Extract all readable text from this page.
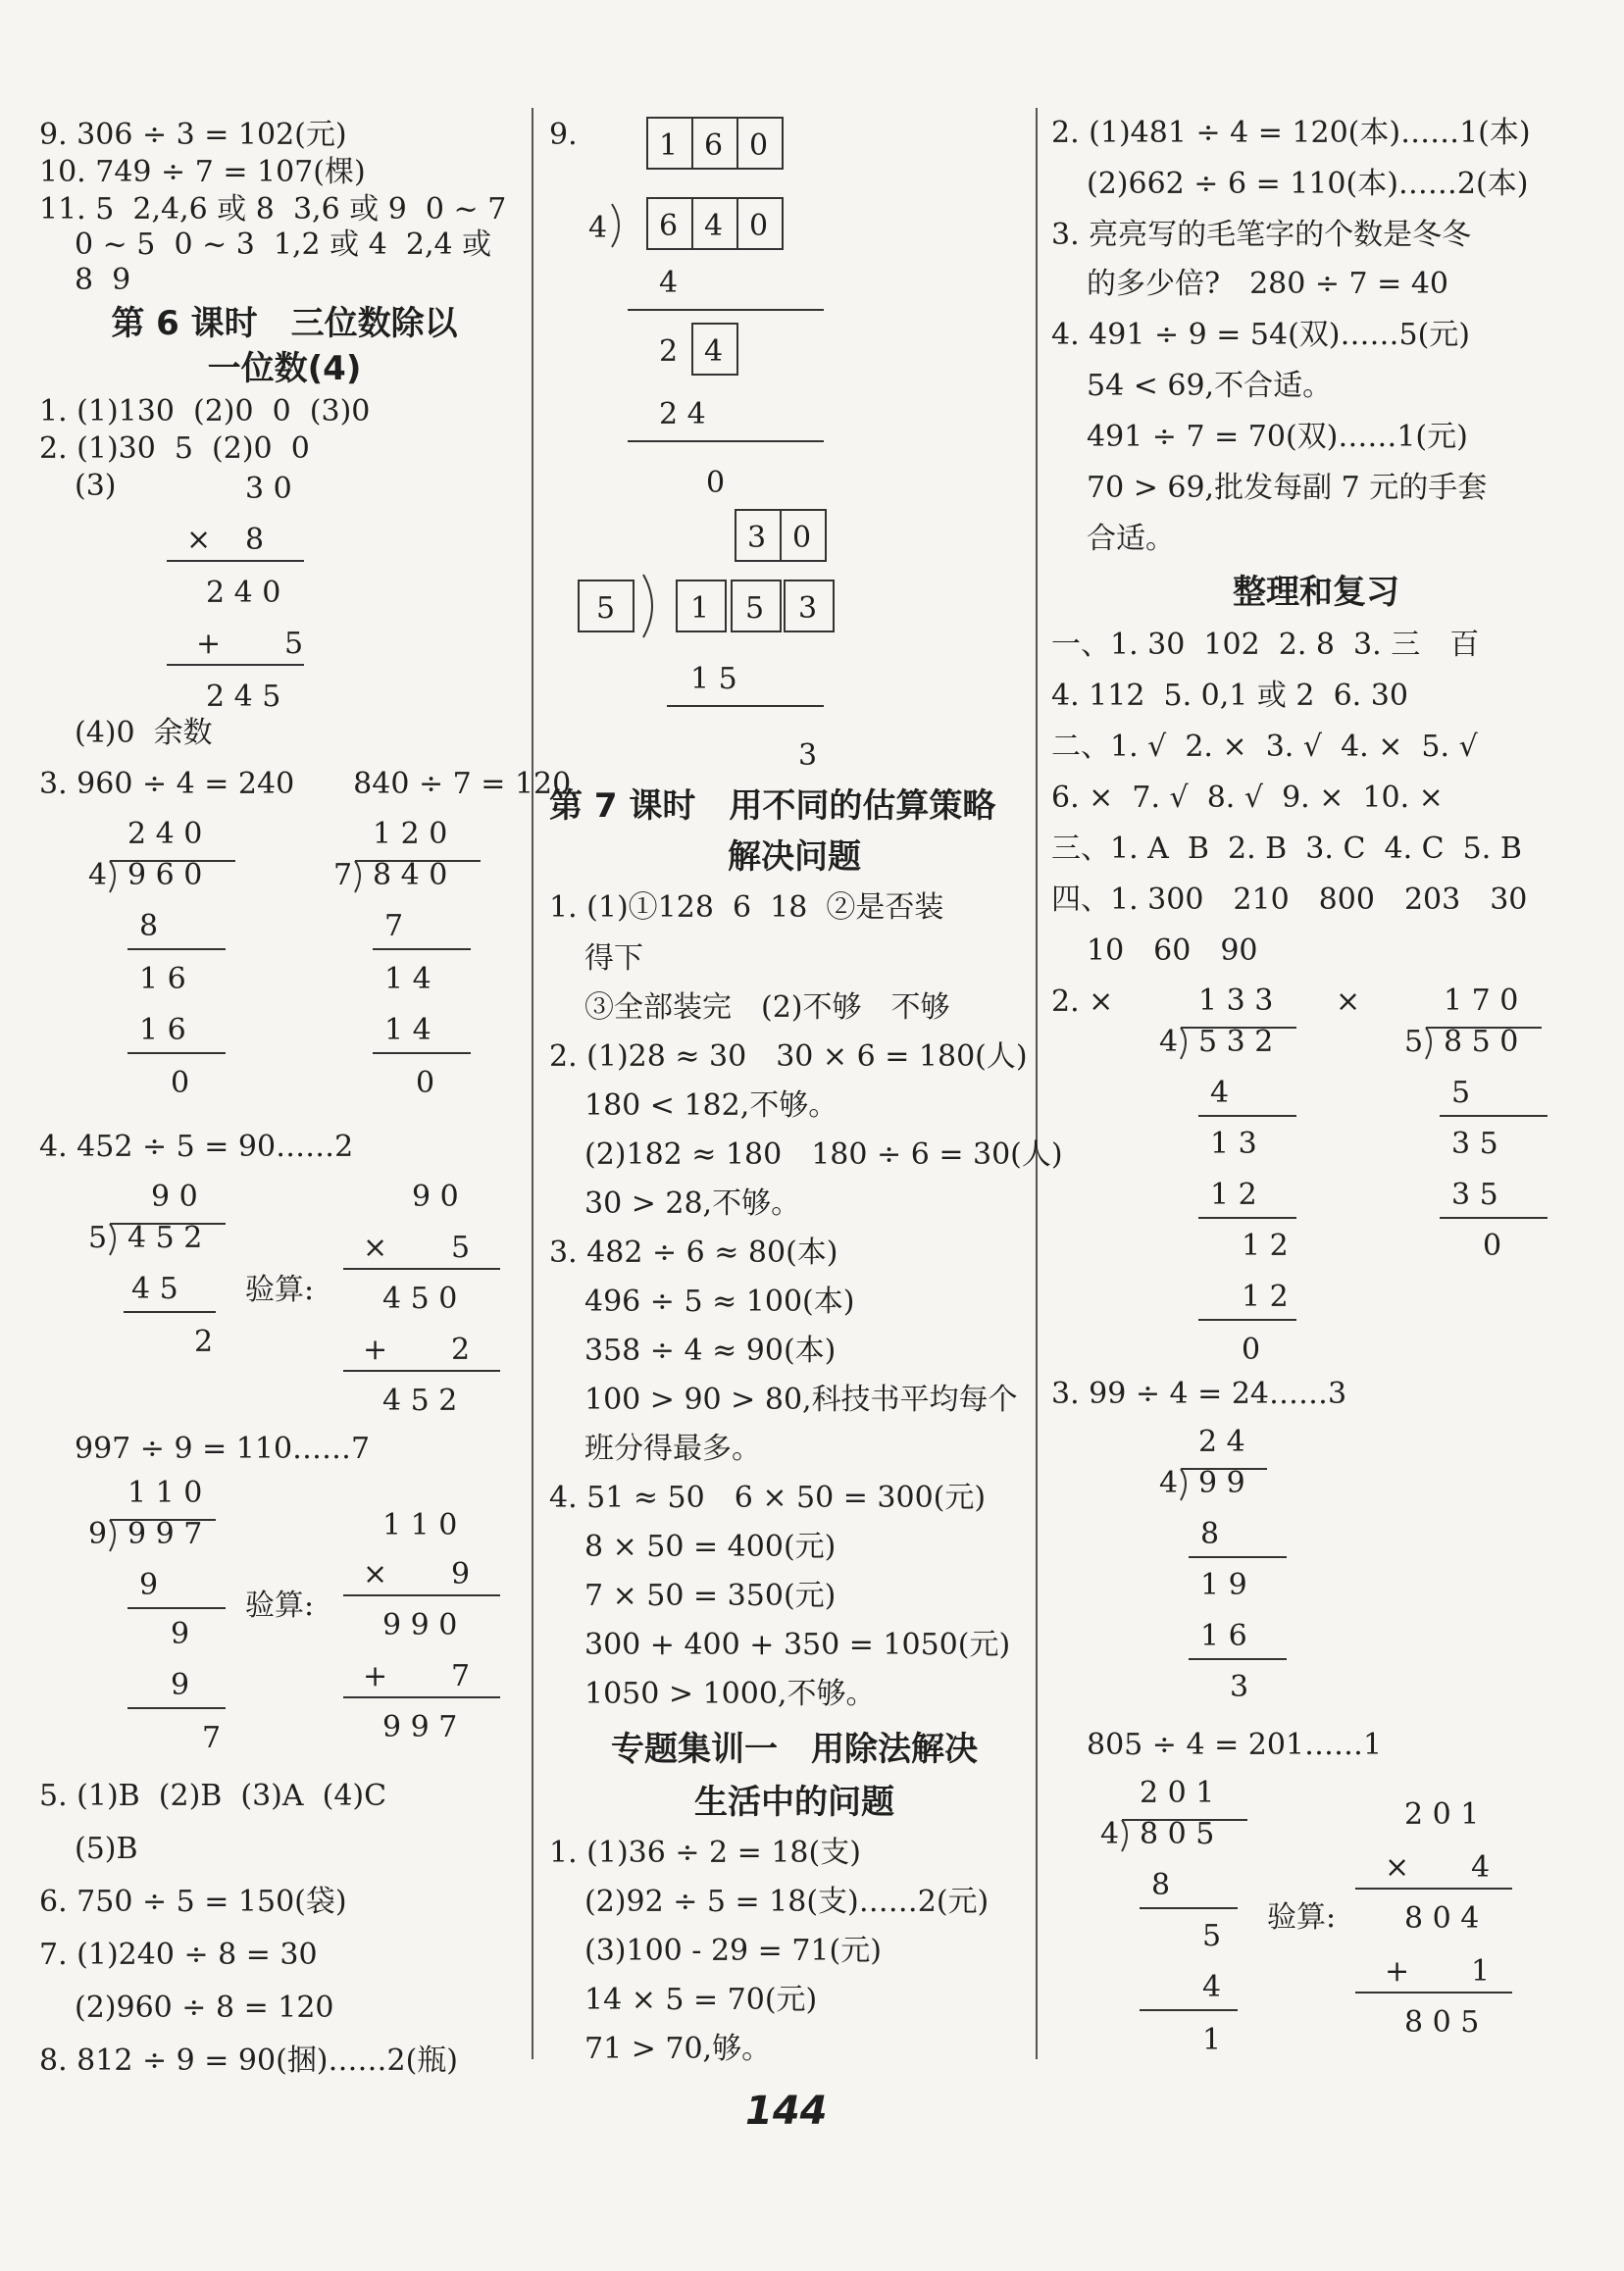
9. 306 ÷ 3 = 102(元)
10. 749 ÷ 7 = 107(棵)
11. 5  2,4,6 或 8  3,6 或 9  0 ~ 7
0 ~ 5  0 ~ 3  1,2 或 4  2,4 或
8  9
第 6 课时　三位数除以
一位数(4)
1. (1)130  (2)0  0  (3)0
2. (1)30  5  (2)0  0
(3)	3 0
× 8
2 4 0
+ 5
2 4 5
(4)0  余数
3. 960 ÷ 4 = 240　　840 ÷ 7 = 120
2 4 0
4 9 6 0
8
1 6
1 6
0
1 2 0
7 8 4 0
7
1 4
1 4
0
4. 452 ÷ 5 = 90……2
9 0
5 4 5 2
4 5
2
验算:
9 0
× 5
4 5 0
+ 2
4 5 2
997 ÷ 9 = 110……7
1 1 0
9 9 9 7
9
9
9
7
验算:
1 1 0
× 9
9 9 0
+ 7
9 9 7
5. (1)B  (2)B  (3)A  (4)C
(5)B
6. 750 ÷ 5 = 150(袋)
7. (1)240 ÷ 8 = 30
(2)960 ÷ 8 = 120
8. 812 ÷ 9 = 90(捆)……2(瓶)
9.	1 6 0
4 6 4 0
4
2 4
2 4
0
3 0
5	1 5 3
1 5
3
第 7 课时　用不同的估算策略
解决问题
1. (1)①128  6  18  ②是否装
得下
③全部装完　(2)不够　不够
2. (1)28 ≈ 30　30 × 6 = 180(人)
180 < 182,不够。
(2)182 ≈ 180　180 ÷ 6 = 30(人)
30 > 28,不够。
3. 482 ÷ 6 ≈ 80(本)
496 ÷ 5 ≈ 100(本)
358 ÷ 4 ≈ 90(本)
100 > 90 > 80,科技书平均每个
班分得最多。
4. 51 ≈ 50　6 × 50 = 300(元)
8 × 50 = 400(元)
7 × 50 = 350(元)
300 + 400 + 350 = 1050(元)
1050 > 1000,不够。
专题集训一　用除法解决
生活中的问题
1. (1)36 ÷ 2 = 18(支)
(2)92 ÷ 5 = 18(支)……2(元)
(3)100 - 29 = 71(元)
14 × 5 = 70(元)
71 > 70,够。
2. (1)481 ÷ 4 = 120(本)……1(本)
(2)662 ÷ 6 = 110(本)……2(本)
3. 亮亮写的毛笔字的个数是冬冬
的多少倍?　280 ÷ 7 = 40
4. 491 ÷ 9 = 54(双)……5(元)
54 < 69,不合适。
491 ÷ 7 = 70(双)……1(元)
70 > 69,批发每副 7 元的手套
合适。
整理和复习
一、1. 30  102  2. 8  3. 三　百
4. 112  5. 0,1 或 2  6. 30
二、1. √  2. ×  3. √  4. ×  5. √
6. ×  7. √  8. √  9. ×  10. ×
三、1. A  B  2. B  3. C  4. C  5. B
四、1. 300　210　800　203　30
10　60　90
2. ×	1 3 3
4 5 3 2
4
1 3
1 2
1 2
1 2
0
×	1 7 0
5 8 5 0
5
3 5
3 5
0
3. 99 ÷ 4 = 24……3
2 4
4 9 9
8
1 9
1 6
3
805 ÷ 4 = 201……1
2 0 1
4 8 0 5
8
5
4
1
验算:
2 0 1
× 4
8 0 4
+ 1
8 0 5
144
